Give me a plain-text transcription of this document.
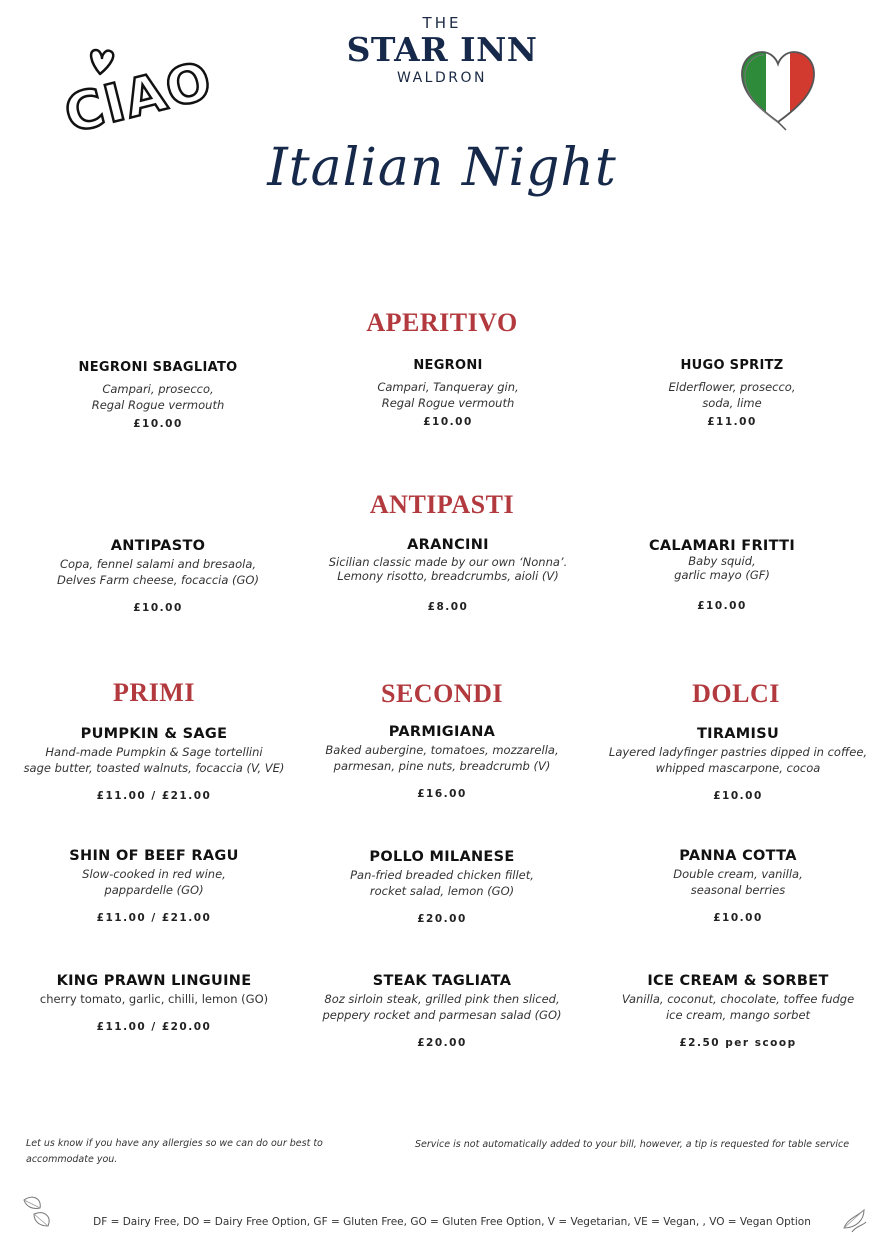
CIAO
THE
STAR INN
WALDRON
Italian Night
APERITIVO
NEGRONI SBAGLIATO
Campari, prosecco,
Regal Rogue vermouth
£10.00
NEGRONI
Campari, Tanqueray gin,
Regal Rogue vermouth
£10.00
HUGO SPRITZ
Elderflower, prosecco,
soda, lime
£11.00
ANTIPASTI
ANTIPASTO
Copa, fennel salami and bresaola,
Delves Farm cheese, focaccia (GO)
£10.00
ARANCINI
Sicilian classic made by our own ‘Nonna’.
Lemony risotto, breadcrumbs, aioli (V)
£8.00
CALAMARI FRITTI
Baby squid,
garlic mayo (GF)
£10.00
PRIMI	SECONDI	DOLCI
PUMPKIN & SAGE
Hand-made Pumpkin & Sage tortellini
sage butter, toasted walnuts, focaccia (V, VE)
£11.00 / £21.00
SHIN OF BEEF RAGU
Slow-cooked in red wine,
pappardelle (GO)
£11.00 / £21.00
KING PRAWN LINGUINE
cherry tomato, garlic, chilli, lemon (GO)
£11.00 / £20.00
PARMIGIANA
Baked aubergine, tomatoes, mozzarella,
parmesan, pine nuts, breadcrumb (V)
£16.00
POLLO MILANESE
Pan-fried breaded chicken fillet,
rocket salad, lemon (GO)
£20.00
STEAK TAGLIATA
8oz sirloin steak, grilled pink then sliced,
peppery rocket and parmesan salad (GO)
£20.00
TIRAMISU
Layered ladyfinger pastries dipped in coffee,
whipped mascarpone, cocoa
£10.00
PANNA COTTA
Double cream, vanilla,
seasonal berries
£10.00
ICE CREAM & SORBET
Vanilla, coconut, chocolate, toffee fudge
ice cream, mango sorbet
£2.50 per scoop
Let us know if you have any allergies so we can do our best to
accommodate you.
Service is not automatically added to your bill, however, a tip is requested for table service
DF = Dairy Free, DO = Dairy Free Option, GF = Gluten Free, GO = Gluten Free Option, V = Vegetarian, VE = Vegan, , VO = Vegan Option
